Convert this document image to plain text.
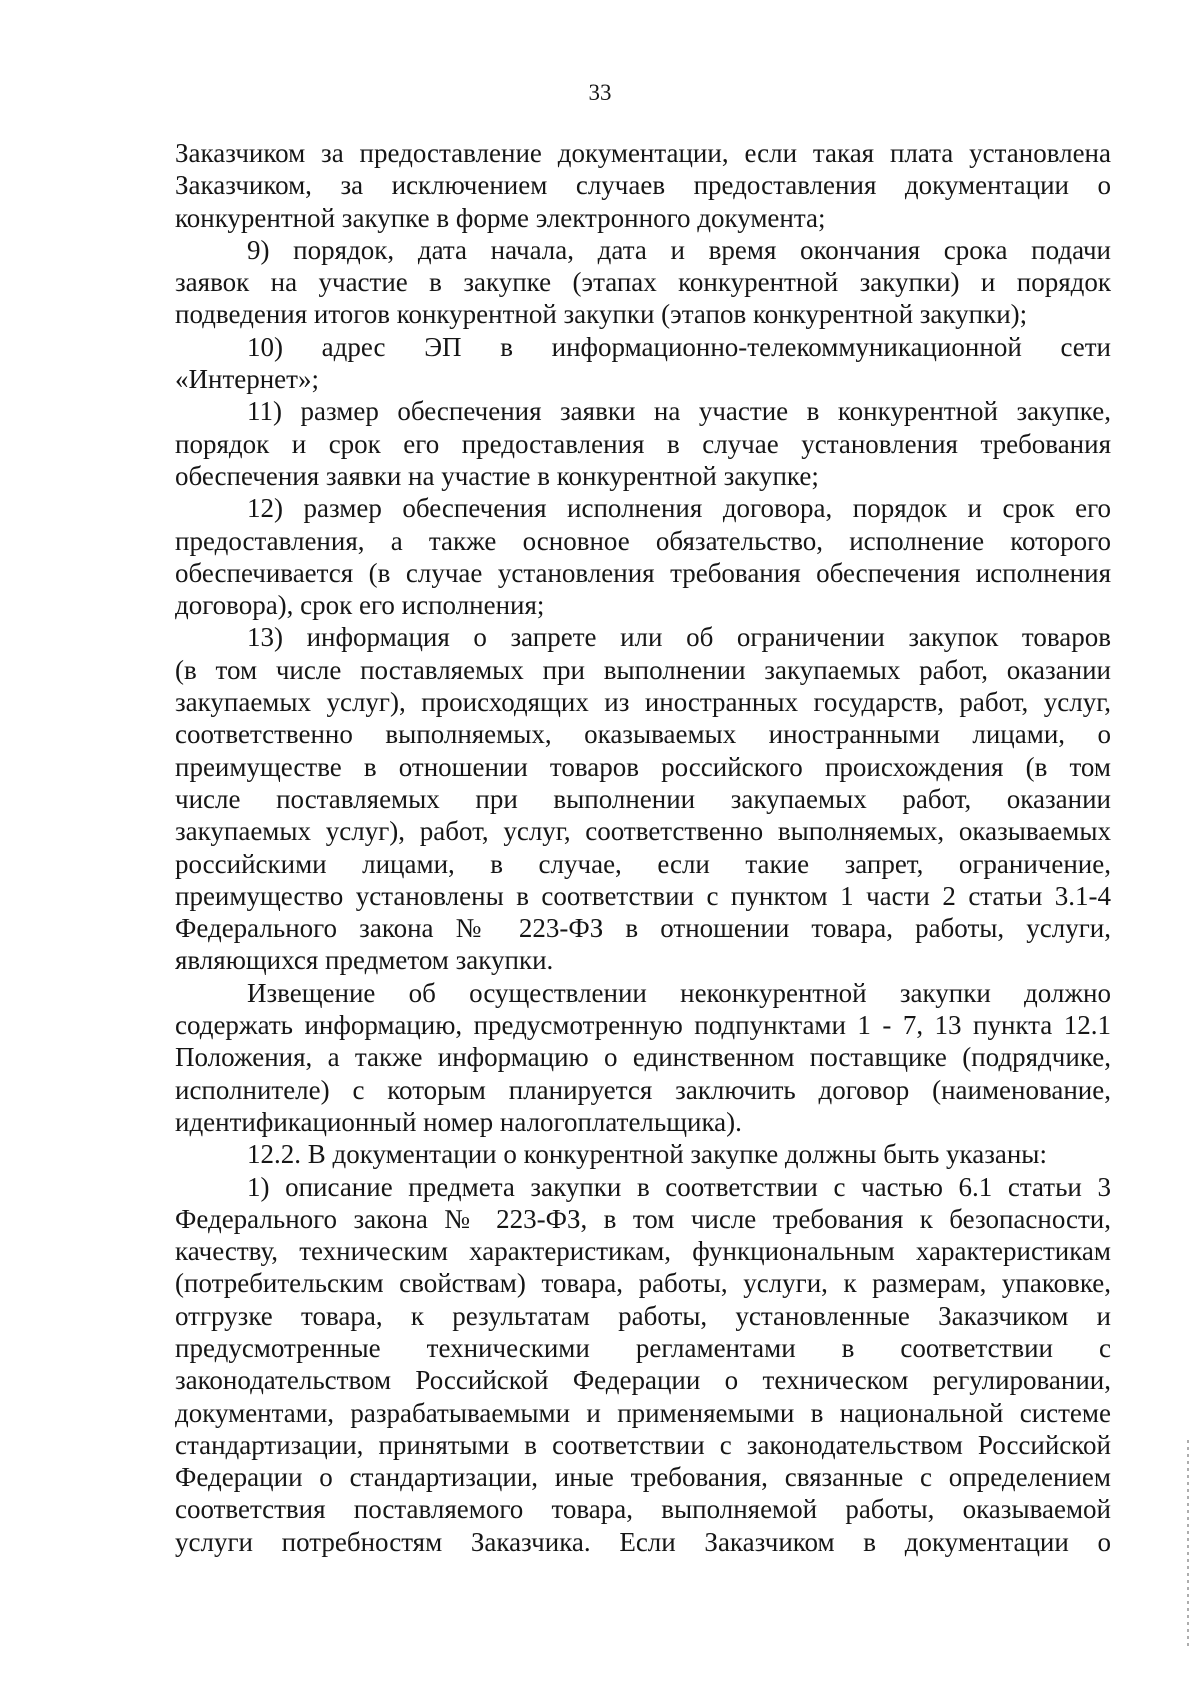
33

Заказчиком за предоставление документации, если такая плата установлена

Заказчиком, за исключением случаев предоставления документации о

конкурентной закупке в форме электронного документа;

9) порядок, дата начала, дата и время окончания срока подачи

заявок на участие в закупке (этапах конкурентной закупки) и порядок

подведения итогов конкурентной закупки (этапов конкурентной закупки);

10) адрес ЭП в информационно-телекоммуникационной сети

«Интернет»;

11) размер обеспечения заявки на участие в конкурентной закупке,

порядок и срок его предоставления в случае установления требования

обеспечения заявки на участие в конкурентной закупке;

12) размер обеспечения исполнения договора, порядок и срок его

предоставления, а также основное обязательство, исполнение которого

обеспечивается (в случае установления требования обеспечения исполнения

договора), срок его исполнения;

13) информация о запрете или об ограничении закупок товаров

(в том числе поставляемых при выполнении закупаемых работ, оказании

закупаемых услуг), происходящих из иностранных государств, работ, услуг,

соответственно выполняемых, оказываемых иностранными лицами, о

преимуществе в отношении товаров российского происхождения (в том

числе поставляемых при выполнении закупаемых работ, оказании

закупаемых услуг), работ, услуг, соответственно выполняемых, оказываемых

российскими лицами, в случае, если такие запрет, ограничение,

преимущество установлены в соответствии с пунктом 1 части 2 статьи 3.1-4

Федерального закона № 223-ФЗ в отношении товара, работы, услуги,

являющихся предметом закупки.

Извещение об осуществлении неконкурентной закупки должно

содержать информацию, предусмотренную подпунктами 1 - 7, 13 пункта 12.1

Положения, а также информацию о единственном поставщике (подрядчике,

исполнителе) с которым планируется заключить договор (наименование,

идентификационный номер налогоплательщика).

12.2. В документации о конкурентной закупке должны быть указаны:

1) описание предмета закупки в соответствии с частью 6.1 статьи 3

Федерального закона № 223-ФЗ, в том числе требования к безопасности,

качеству, техническим характеристикам, функциональным характеристикам

(потребительским свойствам) товара, работы, услуги, к размерам, упаковке,

отгрузке товара, к результатам работы, установленные Заказчиком и

предусмотренные техническими регламентами в соответствии с

законодательством Российской Федерации о техническом регулировании,

документами, разрабатываемыми и применяемыми в национальной системе

стандартизации, принятыми в соответствии с законодательством Российской

Федерации о стандартизации, иные требования, связанные с определением

соответствия поставляемого товара, выполняемой работы, оказываемой

услуги потребностям Заказчика. Если Заказчиком в документации о
